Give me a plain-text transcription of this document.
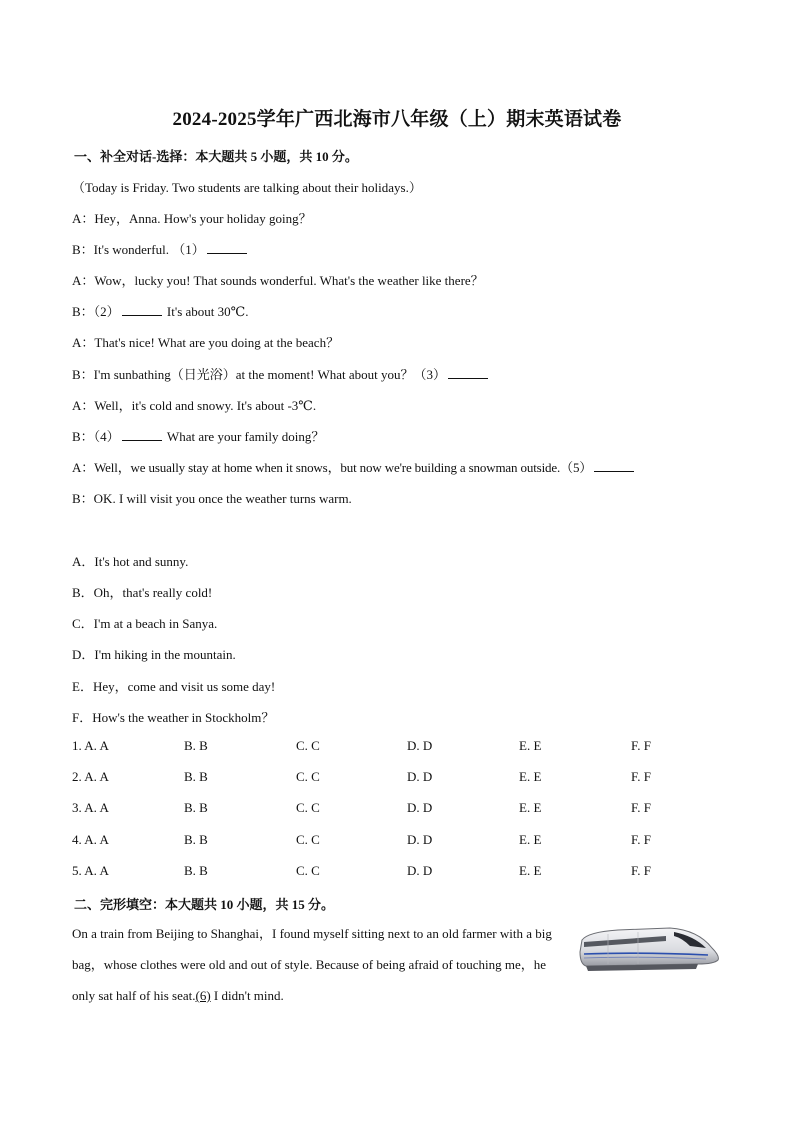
2024-2025学年广西北海市八年级（上）期末英语试卷
一、补全对话-选择：本大题共 5 小题，共 10 分。
（Today is Friday. Two students are talking about their holidays.）
A：Hey，Anna. How's your holiday going？
B：It's wonderful. （1）
A：Wow，lucky you! That sounds wonderful. What's the weather like there？
B：（2）	It's about 30℃.
A：That's nice! What are you doing at the beach？
B：I'm sunbathing（日光浴）at the moment! What about you？（3）
A：Well，it's cold and snowy. It's about -3℃.
B：（4）	What are your family doing？
A：Well，we usually stay at home when it snows，but now we're building a snowman outside.（5）
B：OK. I will visit you once the weather turns warm.
A．It's hot and sunny.
B．Oh，that's really cold!
C．I'm at a beach in Sanya.
D．I'm hiking in the mountain.
E．Hey，come and visit us some day!
F．How's the weather in Stockholm？
1. A. A	B. B	C. C	D. D	E. E	F. F
2. A. A	B. B	C. C	D. D	E. E	F. F
3. A. A	B. B	C. C	D. D	E. E	F. F
4. A. A	B. B	C. C	D. D	E. E	F. F
5. A. A	B. B	C. C	D. D	E. E	F. F
二、完形填空：本大题共 10 小题，共 15 分。
On a train from Beijing to Shanghai，I found myself sitting next to an old farmer with a big bag，whose clothes were old and out of style. Because of being afraid of touching me，he only sat half of his seat.(6) I didn't mind.
